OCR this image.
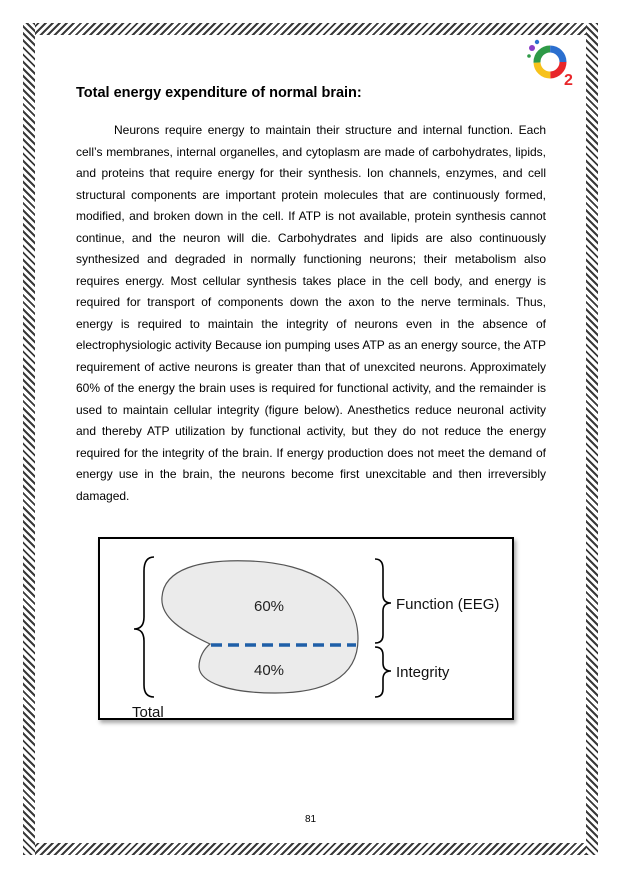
2
Total energy expenditure of normal brain:

Neurons require energy to maintain their structure and internal function. Each cell’s membranes, internal organelles, and cytoplasm are made of carbohydrates, lipids, and proteins that require energy for their synthesis. Ion channels, enzymes, and cell structural components are important protein molecules that are continuously formed, modified, and broken down in the cell. If ATP is not available, protein synthesis cannot continue, and the neuron will die. Carbohydrates and lipids are also continuously synthesized and degraded in normally functioning neurons; their metabolism also requires energy. Most cellular synthesis takes place in the cell body, and energy is required for transport of components down the axon to the nerve terminals. Thus, energy is required to maintain the integrity of neurons even in the absence of electrophysiologic activity Because ion pumping uses ATP as an energy source, the ATP requirement of active neurons is greater than that of unexcited neurons. Approximately 60% of the energy the brain uses is required for functional activity, and the remainder is used to maintain cellular integrity (figure below). Anesthetics reduce neuronal activity and thereby ATP utilization by functional activity, but they do not reduce the energy required for the integrity of the brain. If energy production does not meet the demand of energy use in the brain, the neurons become first unexcitable and then irreversibly damaged.

60%
40%
Function (EEG)
Integrity
Total
81
